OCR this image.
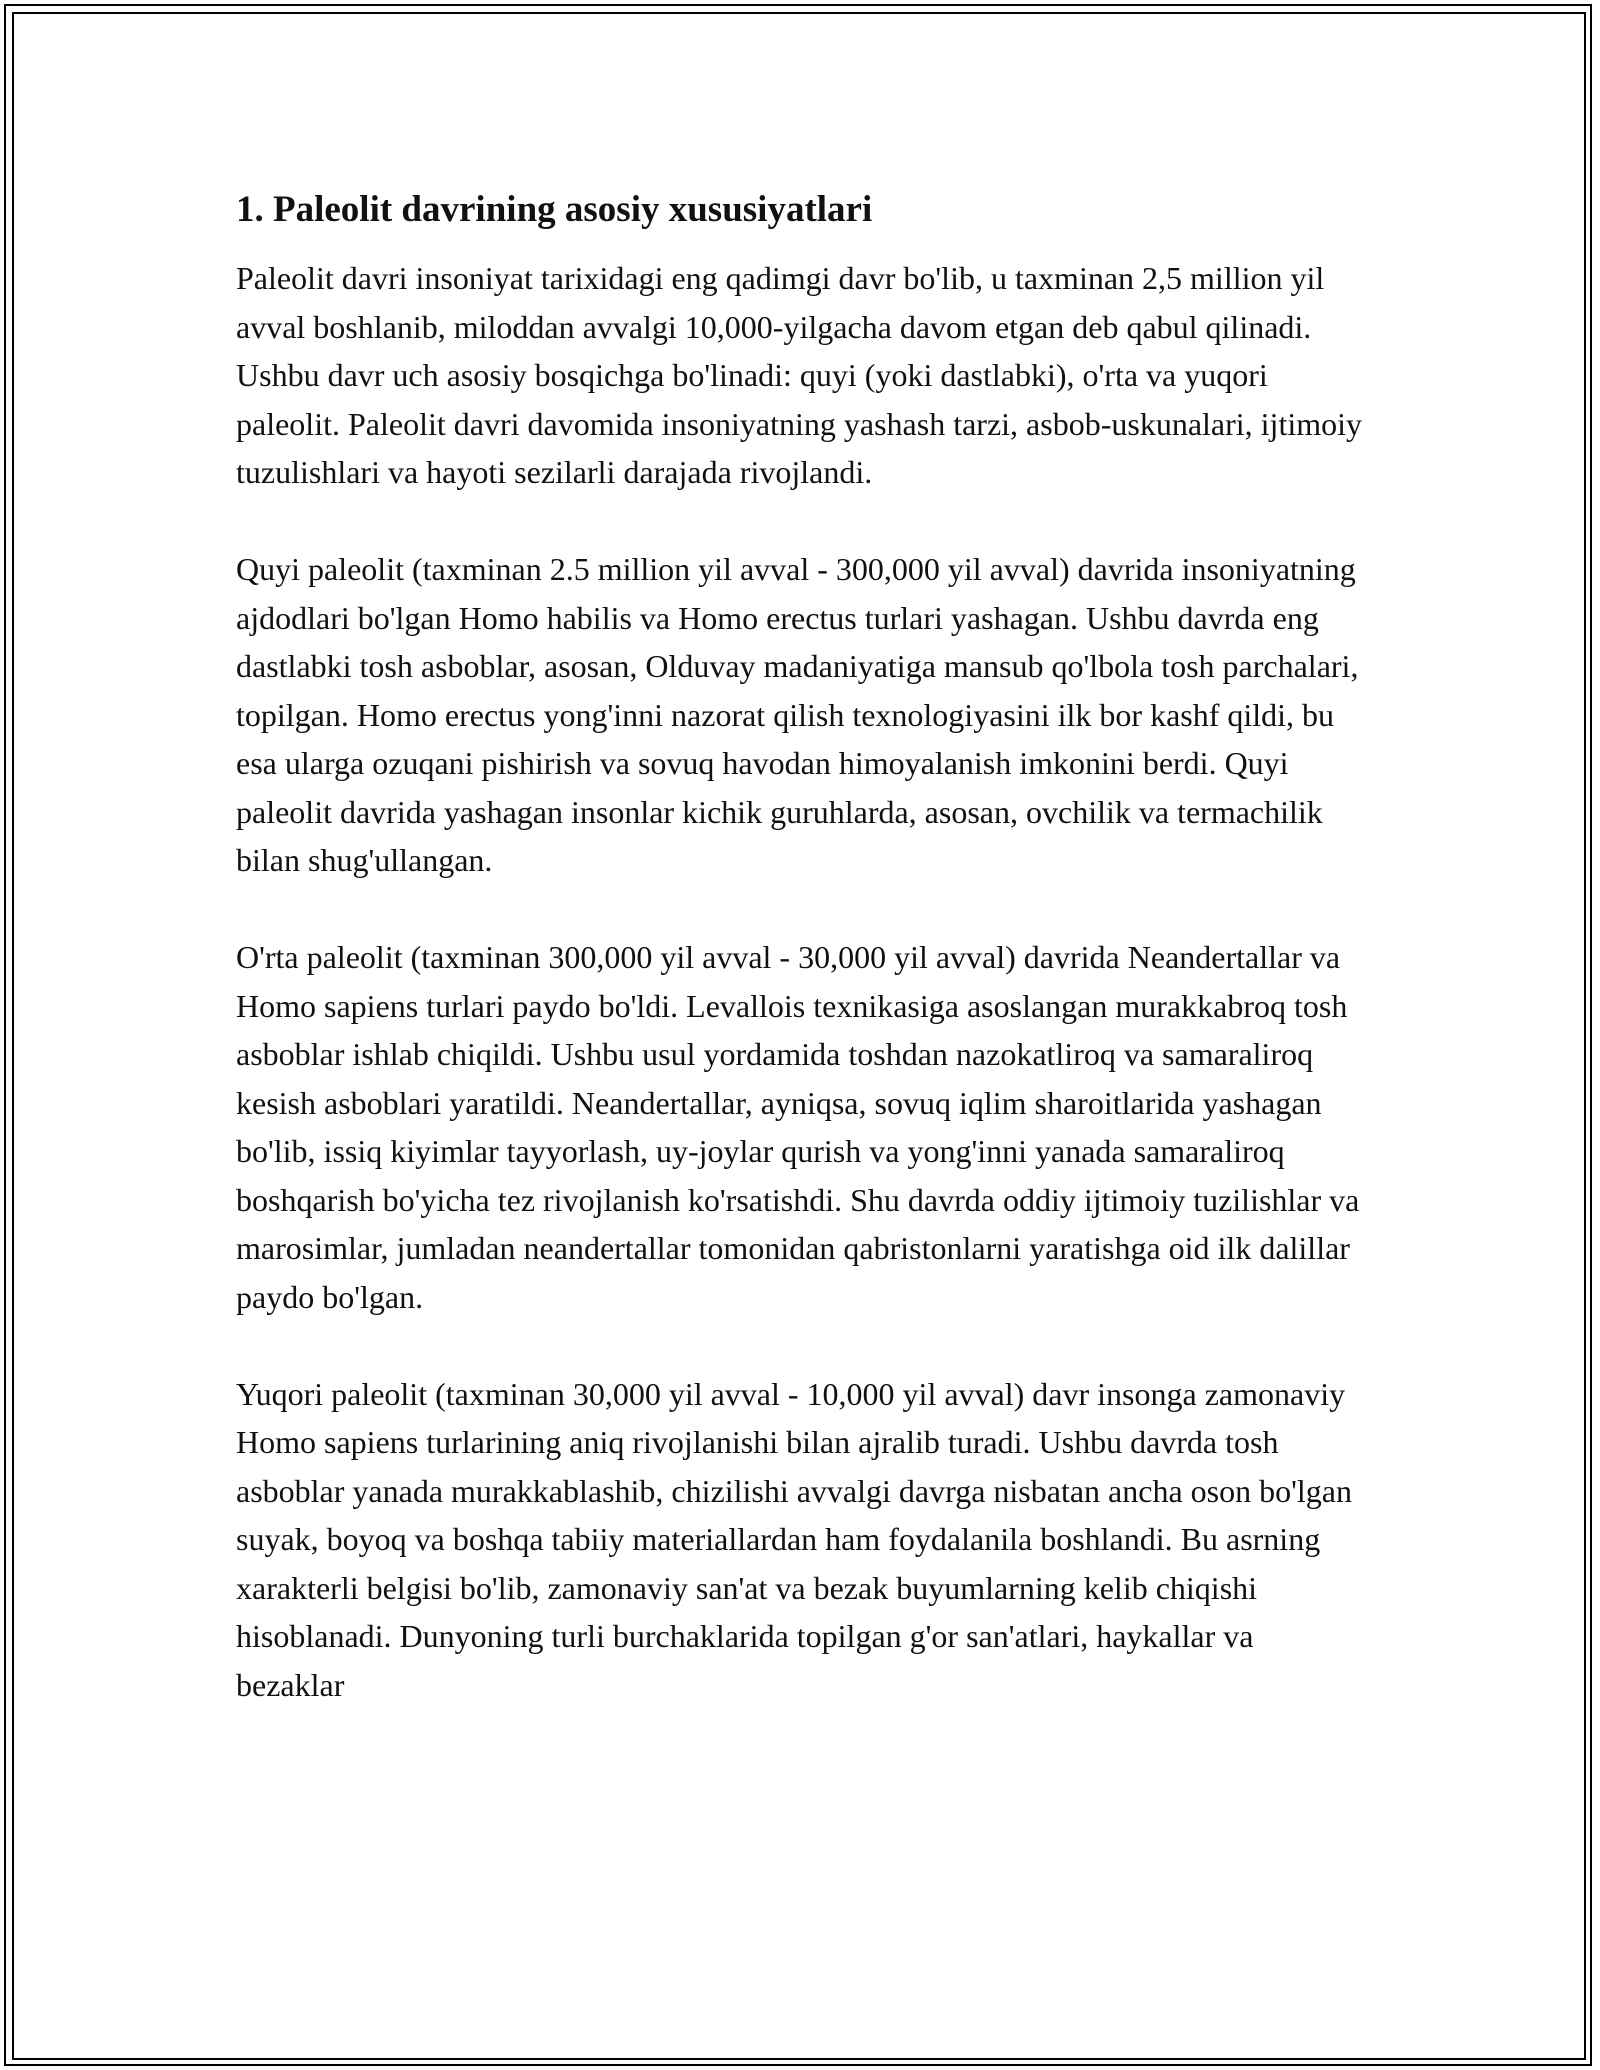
1. Paleolit davrining asosiy xususiyatlari

Paleolit davri insoniyat tarixidagi eng qadimgi davr bo'lib, u taxminan 2,5 million yil avval boshlanib, miloddan avvalgi 10,000-yilgacha davom etgan deb qabul qilinadi. Ushbu davr uch asosiy bosqichga bo'linadi: quyi (yoki dastlabki), o'rta va yuqori paleolit. Paleolit davri davomida insoniyatning yashash tarzi, asbob-uskunalari, ijtimoiy tuzulishlari va hayoti sezilarli darajada rivojlandi.

Quyi paleolit (taxminan 2.5 million yil avval - 300,000 yil avval) davrida insoniyatning ajdodlari bo'lgan Homo habilis va Homo erectus turlari yashagan. Ushbu davrda eng dastlabki tosh asboblar, asosan, Olduvay madaniyatiga mansub qo'lbola tosh parchalari, topilgan. Homo erectus yong'inni nazorat qilish texnologiyasini ilk bor kashf qildi, bu esa ularga ozuqani pishirish va sovuq havodan himoyalanish imkonini berdi. Quyi paleolit davrida yashagan insonlar kichik guruhlarda, asosan, ovchilik va termachilik bilan shug'ullangan.

O'rta paleolit (taxminan 300,000 yil avval - 30,000 yil avval) davrida Neandertallar va Homo sapiens turlari paydo bo'ldi. Levallois texnikasiga asoslangan murakkabroq tosh asboblar ishlab chiqildi. Ushbu usul yordamida toshdan nazokatliroq va samaraliroq kesish asboblari yaratildi. Neandertallar, ayniqsa, sovuq iqlim sharoitlarida yashagan bo'lib, issiq kiyimlar tayyorlash, uy-joylar qurish va yong'inni yanada samaraliroq boshqarish bo'yicha tez rivojlanish ko'rsatishdi. Shu davrda oddiy ijtimoiy tuzilishlar va marosimlar, jumladan neandertallar tomonidan qabristonlarni yaratishga oid ilk dalillar paydo bo'lgan.

Yuqori paleolit (taxminan 30,000 yil avval - 10,000 yil avval) davr insonga zamonaviy Homo sapiens turlarining aniq rivojlanishi bilan ajralib turadi. Ushbu davrda tosh asboblar yanada murakkablashib, chizilishi avvalgi davrga nisbatan ancha oson bo'lgan suyak, boyoq va boshqa tabiiy materiallardan ham foydalanila boshlandi. Bu asrning xarakterli belgisi bo'lib, zamonaviy san'at va bezak buyumlarning kelib chiqishi hisoblanadi. Dunyoning turli burchaklarida topilgan g'or san'atlari, haykallar va bezaklar
